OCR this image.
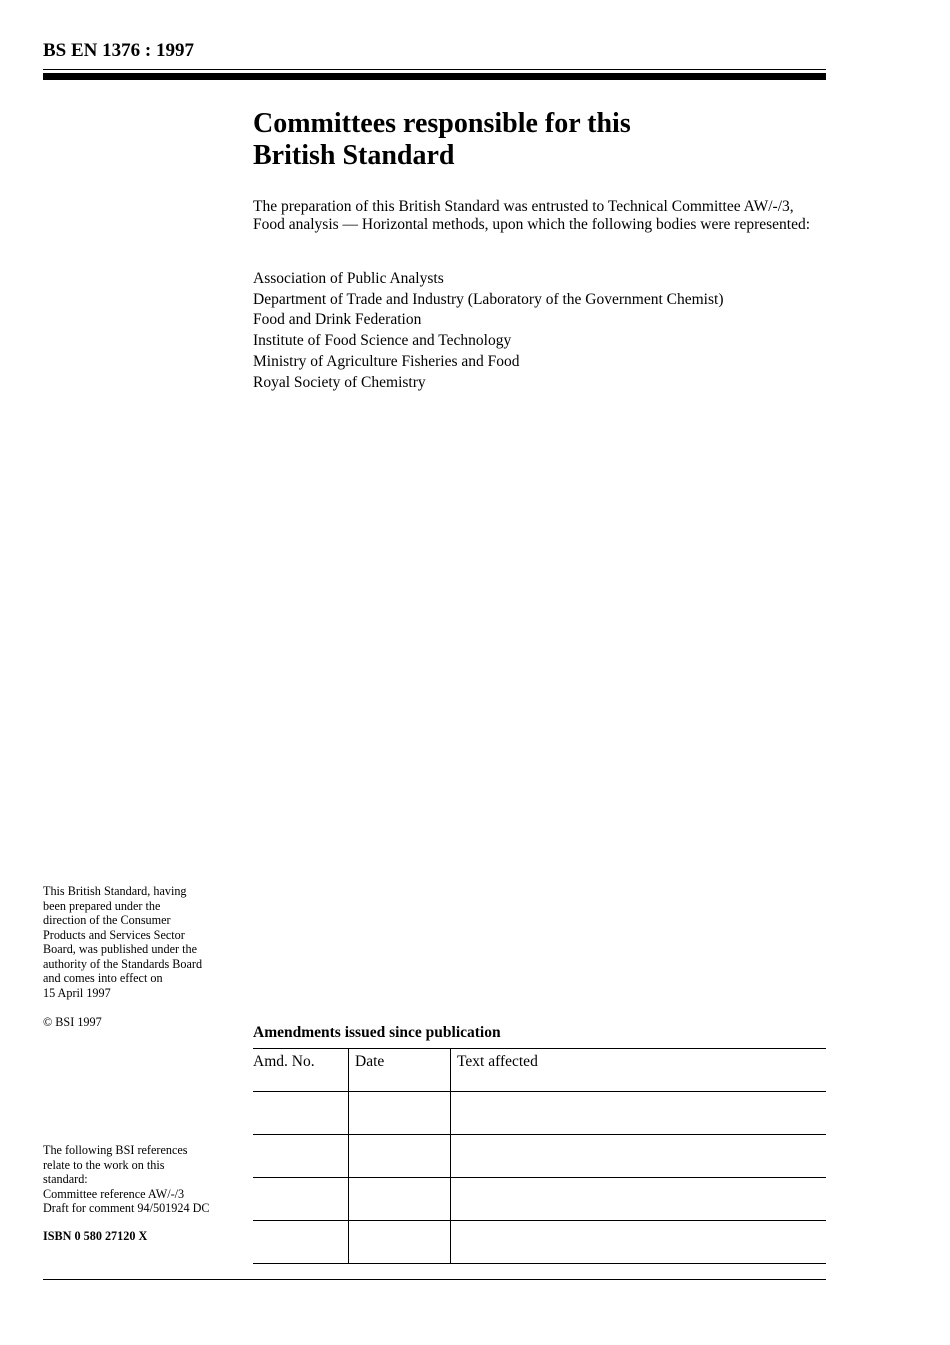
BS EN 1376 : 1997
Committees responsible for this
British Standard
The preparation of this British Standard was entrusted to Technical Committee AW/-/3, Food analysis — Horizontal methods, upon which the following bodies were represented:
Association of Public Analysts
Department of Trade and Industry (Laboratory of the Government Chemist)
Food and Drink Federation
Institute of Food Science and Technology
Ministry of Agriculture Fisheries and Food
Royal Society of Chemistry
This British Standard, having
been prepared under the
direction of the Consumer
Products and Services Sector
Board, was published under the
authority of the Standards Board
and comes into effect on
15 April 1997
© BSI 1997
The following BSI references
relate to the work on this
standard:
Committee reference AW/-/3
Draft for comment 94/501924 DC
ISBN 0 580 27120 X
Amendments issued since publication
Amd. No.	Date	Text affected
